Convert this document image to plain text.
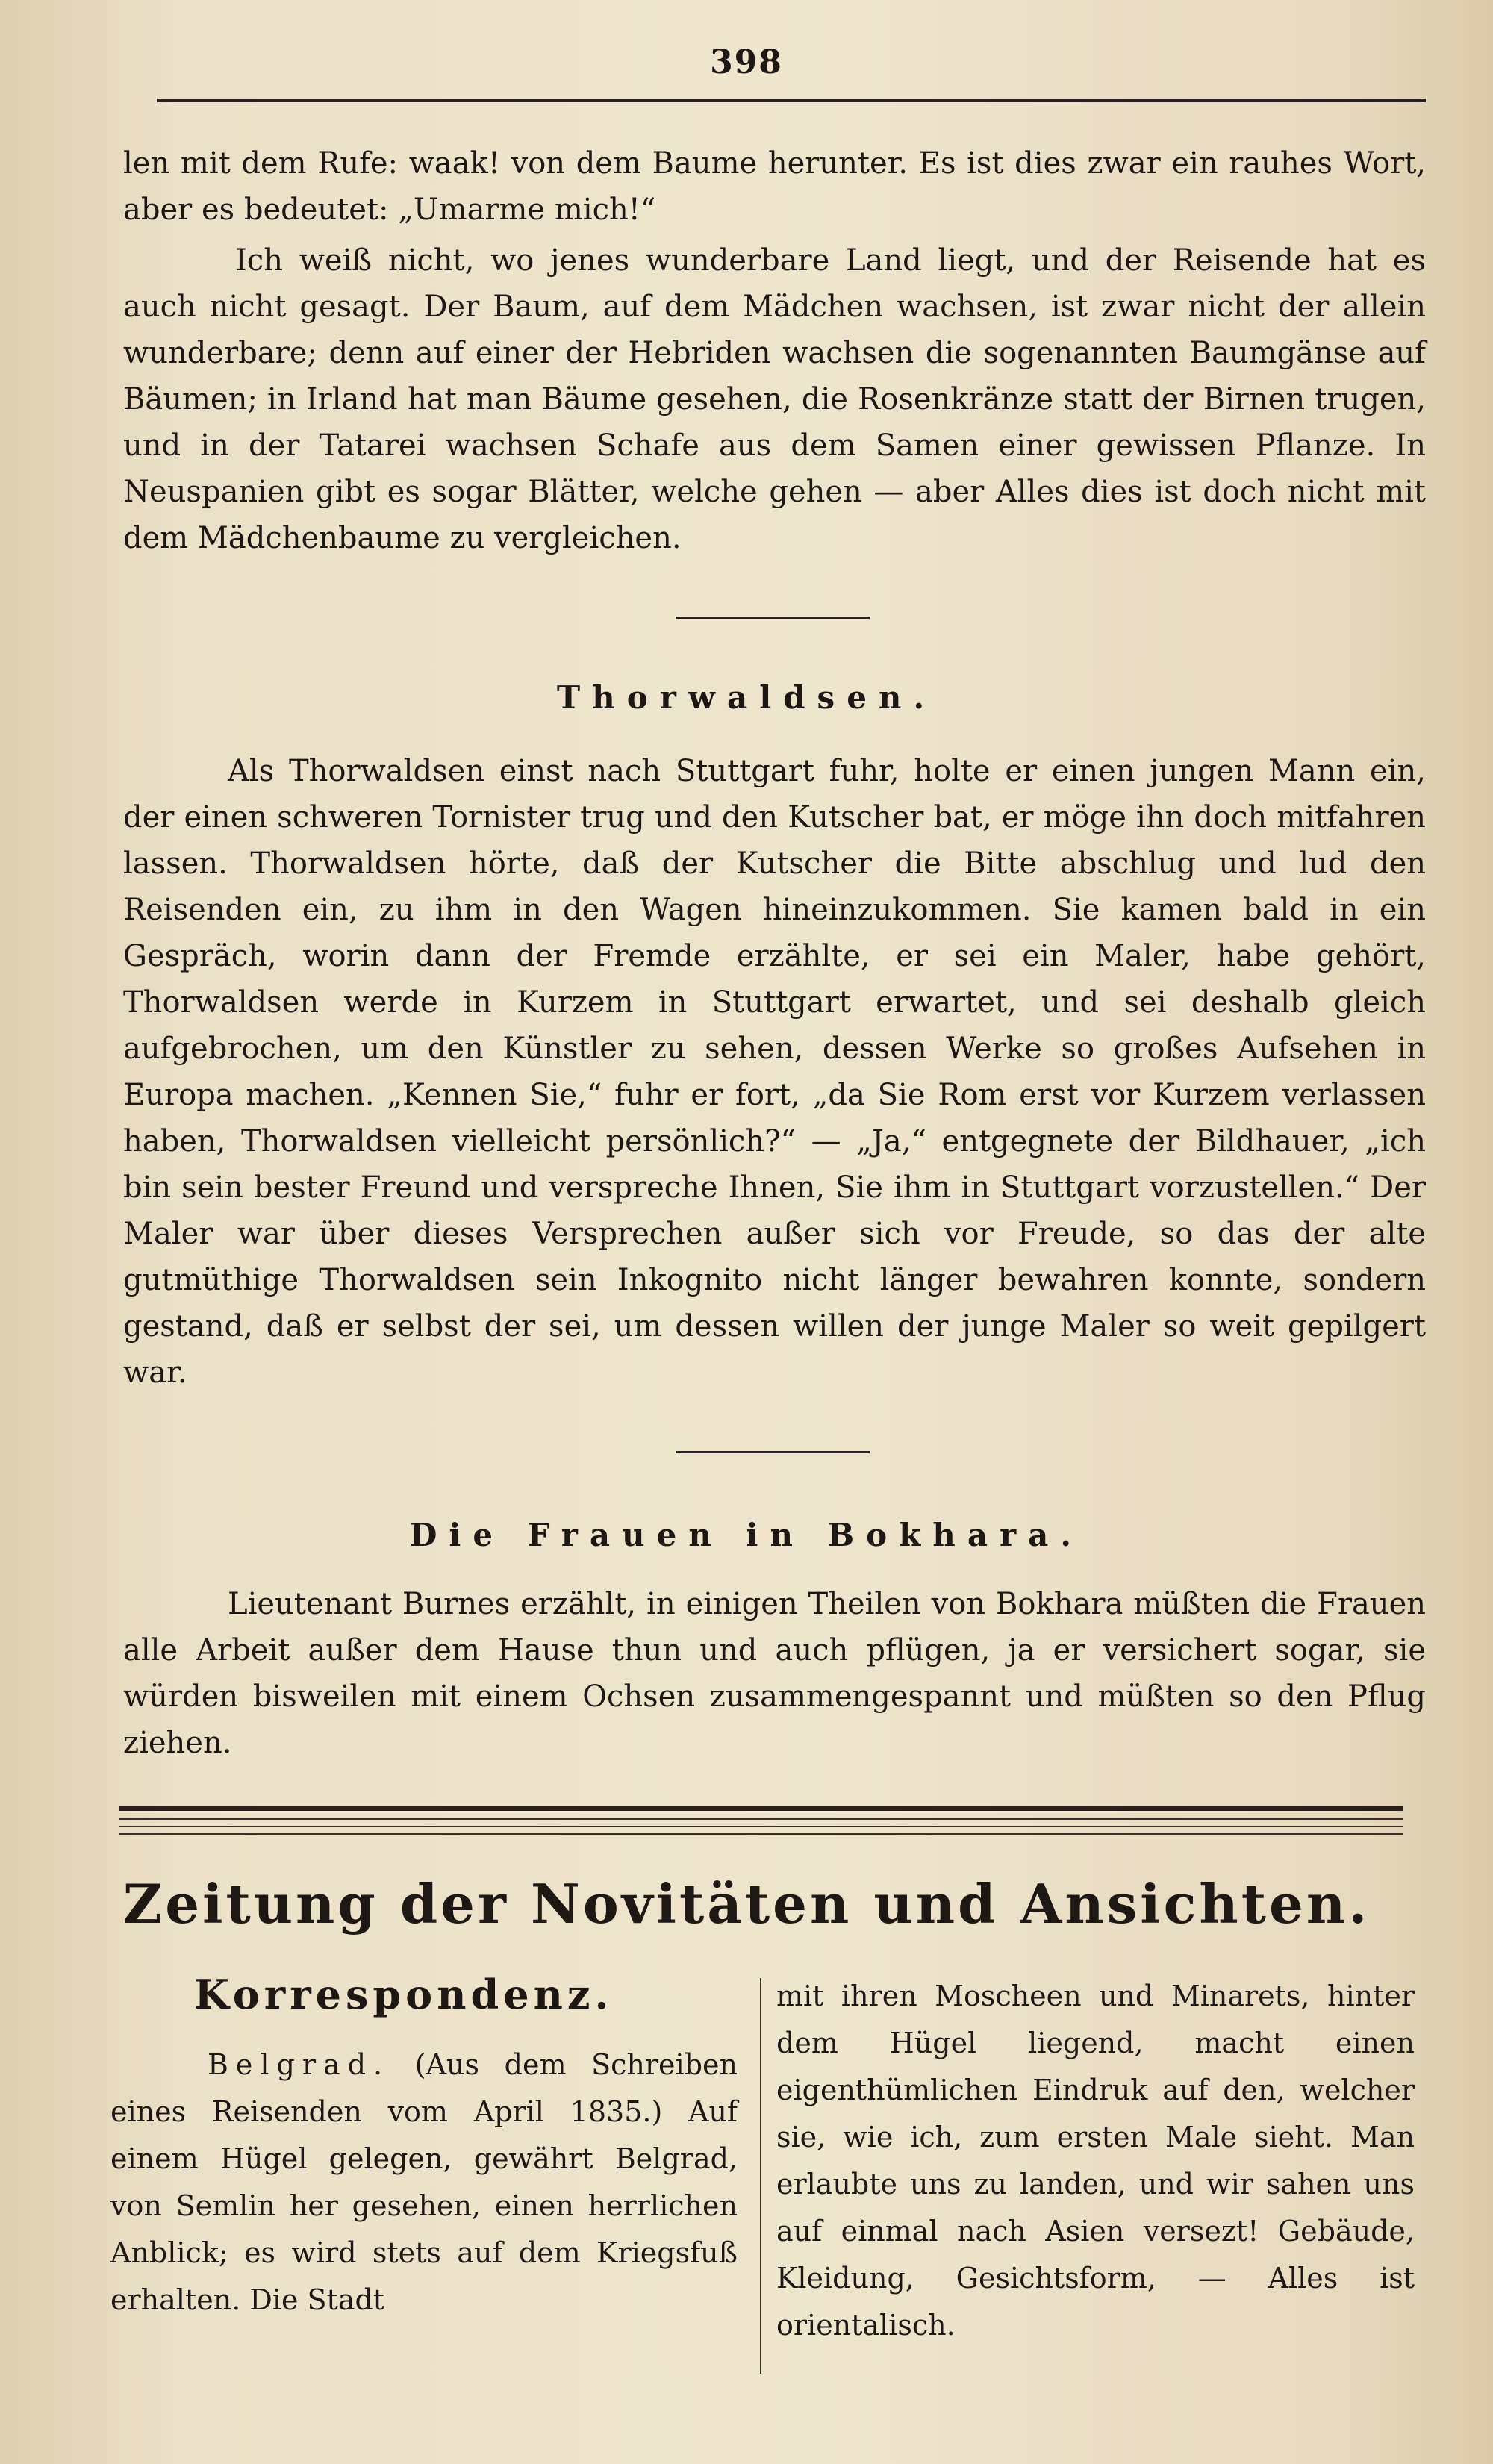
398

len mit dem Rufe: waak! von dem Baume herunter. Es ist dies zwar ein rauhes Wort, aber es bedeutet: „Umarme mich!“

Ich weiß nicht, wo jenes wunderbare Land liegt, und der Reisende hat es auch nicht gesagt. Der Baum, auf dem Mädchen wachsen, ist zwar nicht der allein wunderbare; denn auf einer der Hebriden wachsen die sogenannten Baumgänse auf Bäumen; in Irland hat man Bäume gesehen, die Rosenkränze statt der Birnen trugen, und in der Tatarei wachsen Schafe aus dem Samen einer gewissen Pflanze. In Neuspanien gibt es sogar Blätter, welche gehen — aber Alles dies ist doch nicht mit dem Mädchenbaume zu vergleichen.

Thorwaldsen.

Als Thorwaldsen einst nach Stuttgart fuhr, holte er einen jungen Mann ein, der einen schweren Tornister trug und den Kutscher bat, er möge ihn doch mitfahren lassen. Thorwaldsen hörte, daß der Kutscher die Bitte abschlug und lud den Reisenden ein, zu ihm in den Wagen hineinzukommen. Sie kamen bald in ein Gespräch, worin dann der Fremde erzählte, er sei ein Maler, habe gehört, Thorwaldsen werde in Kurzem in Stuttgart erwartet, und sei deshalb gleich aufgebrochen, um den Künstler zu sehen, dessen Werke so großes Aufsehen in Europa machen. „Kennen Sie,“ fuhr er fort, „da Sie Rom erst vor Kurzem verlassen haben, Thorwaldsen vielleicht persönlich?“ — „Ja,“ entgegnete der Bildhauer, „ich bin sein bester Freund und verspreche Ihnen, Sie ihm in Stuttgart vorzustellen.“ Der Maler war über dieses Versprechen außer sich vor Freude, so das der alte gutmüthige Thorwaldsen sein Inkognito nicht länger bewahren konnte, sondern gestand, daß er selbst der sei, um dessen willen der junge Maler so weit gepilgert war.

Die Frauen in Bokhara.

Lieutenant Burnes erzählt, in einigen Theilen von Bokhara müßten die Frauen alle Arbeit außer dem Hause thun und auch pflügen, ja er versichert sogar, sie würden bisweilen mit einem Ochsen zusammengespannt und müßten so den Pflug ziehen.

Zeitung der Novitäten und Ansichten.
Korrespondenz.

Belgrad. (Aus dem Schreiben eines Reisenden vom April 1835.) Auf einem Hügel gelegen, gewährt Belgrad, von Semlin her gesehen, einen herrlichen Anblick; es wird stets auf dem Kriegsfuß erhalten. Die Stadt

mit ihren Moscheen und Minarets, hinter dem Hügel liegend, macht einen eigenthümlichen Eindruk auf den, welcher sie, wie ich, zum ersten Male sieht. Man erlaubte uns zu landen, und wir sahen uns auf einmal nach Asien versezt! Gebäude, Kleidung, Gesichtsform, — Alles ist orientalisch.
